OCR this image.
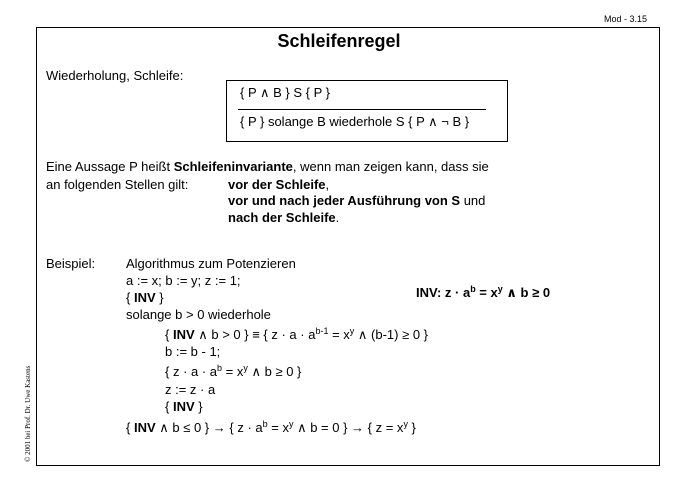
Mod - 3.15
Schleifenregel
Wiederholung, Schleife:
{ P ∧ B } S { P }
{ P } solange B wiederhole S { P ∧ ¬ B }
Eine Aussage P heißt Schleifeninvariante, wenn man zeigen kann, dass sie
an folgenden Stellen gilt:	vor der Schleife,
vor und nach jeder Ausführung von S und
nach der Schleife.
Beispiel: Algorithmus zum Potenzieren
a := x; b := y; z := 1;
{ INV }	INV: $z \cdot a^b = x^y$ ∧ b ≥ 0
solange b > 0 wiederhole
{ INV ∧ b > 0 } ≡ { $z \cdot a \cdot a^{b-1} = x^y$ ∧ (b-1) ≥ 0 }
b := b - 1;
{ $z \cdot a \cdot a^b = x^y$ ∧ b ≥ 0 }
z := z · a
{ INV }
{ INV ∧ b ≤ 0 } → { $z \cdot a^b = x^y$ ∧ b = 0 } → { $z = x^y$ }
© 2001 bei Prof. Dr. Uwe Kastens
